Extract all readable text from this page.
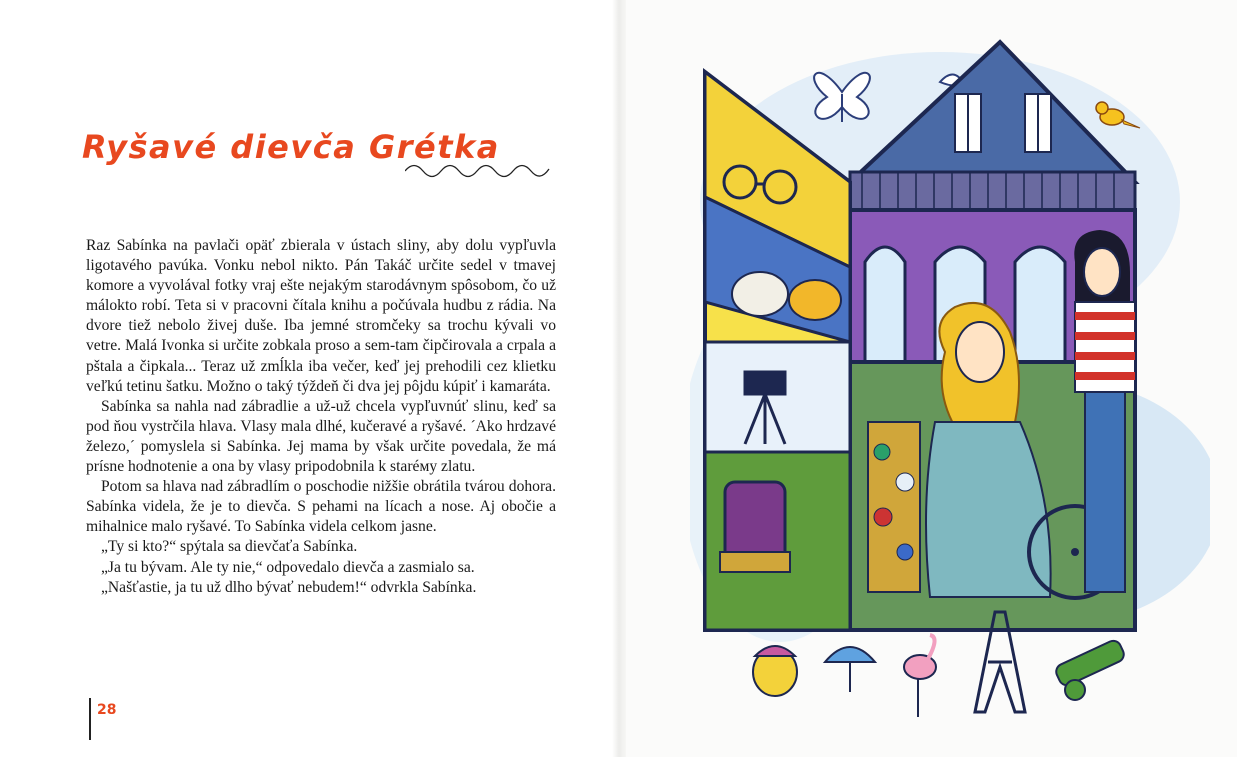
Ryšavé dievča Grétka

Raz Sabínka na pavlači opäť zbierala v ústach sliny, aby dolu vypľuvla ligotavého pavúka. Vonku nebol nikto. Pán Takáč určite sedel v tmavej komore a vyvolával fotky vraj ešte nejakým starodávnym spôsobom, čo už málokto robí. Teta si v pracovni čítala knihu a počúvala hudbu z rádia. Na dvore tiež nebolo živej duše. Iba jemné stromčeky sa trochu kývali vo vetre. Malá Ivonka si určite zobkala proso a sem-tam čipčirovala a crpala a pštala a čipkala... Teraz už zmĺkla iba večer, keď jej prehodili cez klietku veľkú tetinu šatku. Možno o taký týždeň či dva jej pôjdu kúpiť i kamaráta.

Sabínka sa nahla nad zábradlie a už-už chcela vypľuvnúť slinu, keď sa pod ňou vystrčila hlava. Vlasy mala dlhé, kučeravé a ryšavé. ´Ako hrdzavé železo,´ pomyslela si Sabínka. Jej mama by však určite povedala, že má prísne hodnotenie a ona by vlasy pripodobnila k staréму zlatu.

Potom sa hlava nad zábradlím o poschodie nižšie obrátila tvárou dohora. Sabínka videla, že je to dievča. S pehami na lícach a nose. Aj obočie a mihalnice malo ryšavé. To Sabínka videla celkom jasne.

„Ty si kto?“ spýtala sa dievčaťa Sabínka.

„Ja tu bývam. Ale ty nie,“ odpovedalo dievča a zasmialo sa.

„Našťastie, ja tu už dlho bývať nebudem!“ odvrkla Sabínka.

28
